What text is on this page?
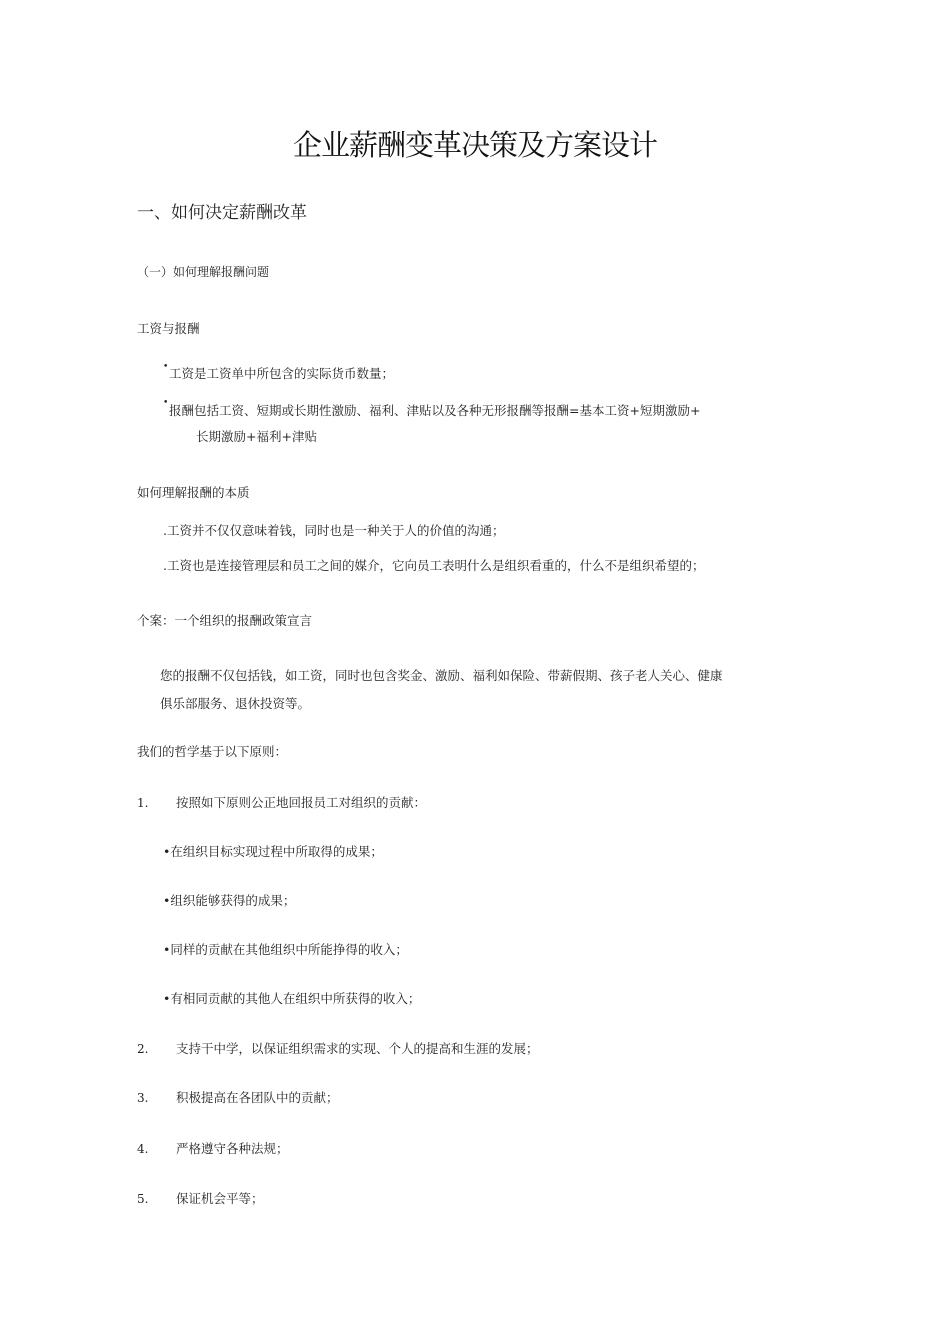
企业薪酬变革决策及方案设计
一、如何决定薪酬改革
（一）如何理解报酬问题
工资与报酬
• 工资是工资单中所包含的实际货币数量；
• 报酬包括工资、短期或长期性激励、福利、津贴以及各种无形报酬等报酬=基本工资+短期激励+
长期激励+福利+津贴
如何理解报酬的本质
.工资并不仅仅意味着钱，同时也是一种关于人的价值的沟通；
.工资也是连接管理层和员工之间的媒介，它向员工表明什么是组织看重的，什么不是组织希望的；
个案：一个组织的报酬政策宣言
您的报酬不仅包括钱，如工资，同时也包含奖金、激励、福利如保险、带薪假期、孩子老人关心、健康
俱乐部服务、退休投资等。
我们的哲学基于以下原则：
1. 按照如下原则公正地回报员工对组织的贡献：
•在组织目标实现过程中所取得的成果；
•组织能够获得的成果；
•同样的贡献在其他组织中所能挣得的收入；
•有相同贡献的其他人在组织中所获得的收入；
2. 支持干中学，以保证组织需求的实现、个人的提高和生涯的发展；
3. 积极提高在各团队中的贡献；
4. 严格遵守各种法规；
5. 保证机会平等；
